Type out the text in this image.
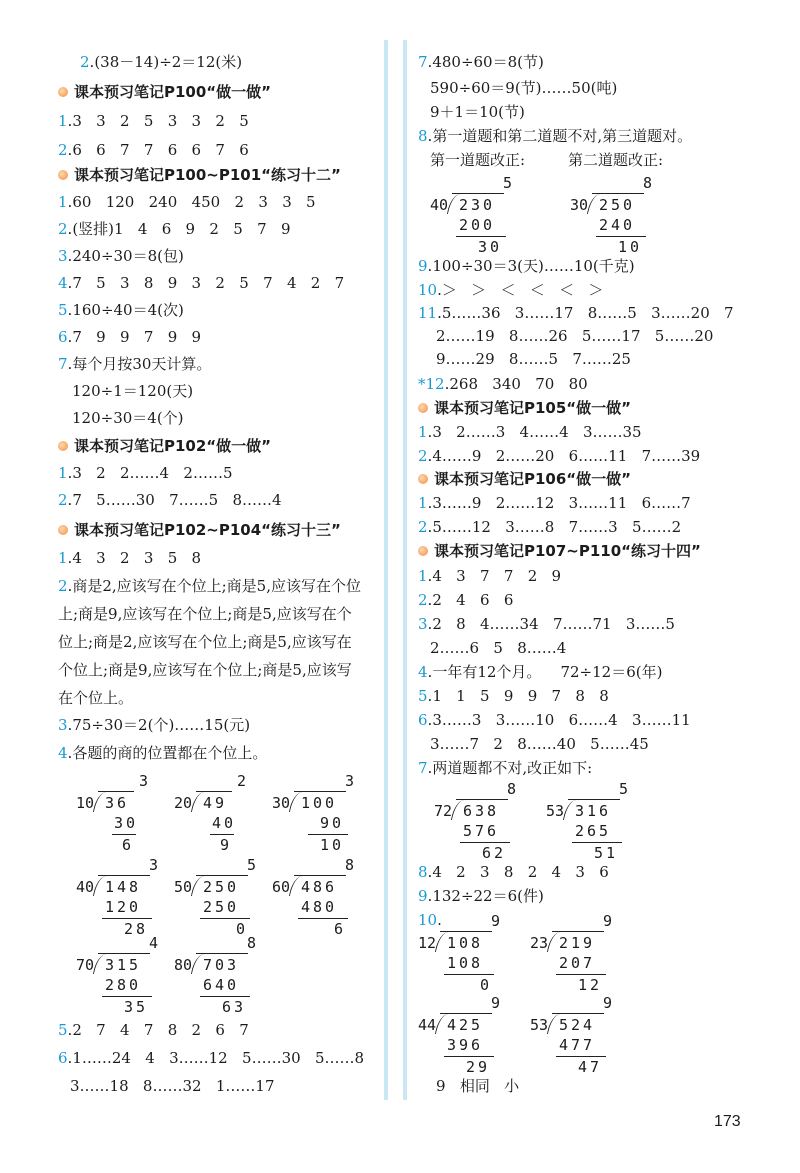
2.(38－14)÷2＝12(米)
课本预习笔记P100“做一做”
1.3   3   2   5   3   3   2   5
2.6   6   7   7   6   6   7   6
课本预习笔记P100~P101“练习十二”
1.60   120   240   450   2   3   3   5
2.(竖排)1   4   6   9   2   5   7   9
3.240÷30＝8(包)
4.7   5   3   8   9   3   2   5   7   4   2   7
5.160÷40＝4(次)
6.7   9   9   7   9   9
7.每个月按30天计算。
120÷1＝120(天)
120÷30＝4(个)
课本预习笔记P102“做一做”
1.3   2   2……4   2……5
2.7   5……30   7……5   8……4
课本预习笔记P102~P104“练习十三”
1.4   3   2   3   5   8
2.商是2,应该写在个位上;商是5,应该写在个位
上;商是9,应该写在个位上;商是5,应该写在个
位上;商是2,应该写在个位上;商是5,应该写在
个位上;商是9,应该写在个位上;商是5,应该写
在个位上。
3.75÷30＝2(个)……15(元)
4.各题的商的位置都在个位上。
3
10 36
30
6
2
20 49
40
9
3
30 100
90
10
3
40 148
120
28
5
50 250
250
0
8
60 486
480
6
4
70 315
280
35
8
80 703
640
63
5.2   7   4   7   8   2   6   7
6.1……24   4   3……12   5……30   5……8
3……18   8……32   1……17
7.480÷60＝8(节)
590÷60＝9(节)……50(吨)
9＋1＝10(节)
8.第一道题和第二道题不对,第三道题对。
第一道题改正:         第二道题改正:
5
40 230
200
30
8
30 250
240
10
9.100÷30＝3(天)……10(千克)
10.＞   ＞   ＜   ＜   ＜   ＞
11.5……36   3……17   8……5   3……20   7
2……19   8……26   5……17   5……20
9……29   8……5   7……25
*12.268   340   70   80
课本预习笔记P105“做一做”
1.3   2……3   4……4   3……35
2.4……9   2……20   6……11   7……39
课本预习笔记P106“做一做”
1.3……9   2……12   3……11   6……7
2.5……12   3……8   7……3   5……2
课本预习笔记P107~P110“练习十四”
1.4   3   7   7   2   9
2.2   4   6   6
3.2   8   4……34   7……71   3……5
2……6   5   8……4
4.一年有12个月。    72÷12＝6(年)
5.1   1   5   9   9   7   8   8
6.3……3   3……10   6……4   3……11
3……7   2   8……40   5……45
7.两道题都不对,改正如下:
8
72 638
576
62
5
53 316
265
51
8.4   2   3   8   2   4   3   6
9.132÷22＝6(件)
10.	9
12 108
108
0
9
23 219
207
12
9
44 425
396
29
9
53 524
477
47
9   相同   小
173
